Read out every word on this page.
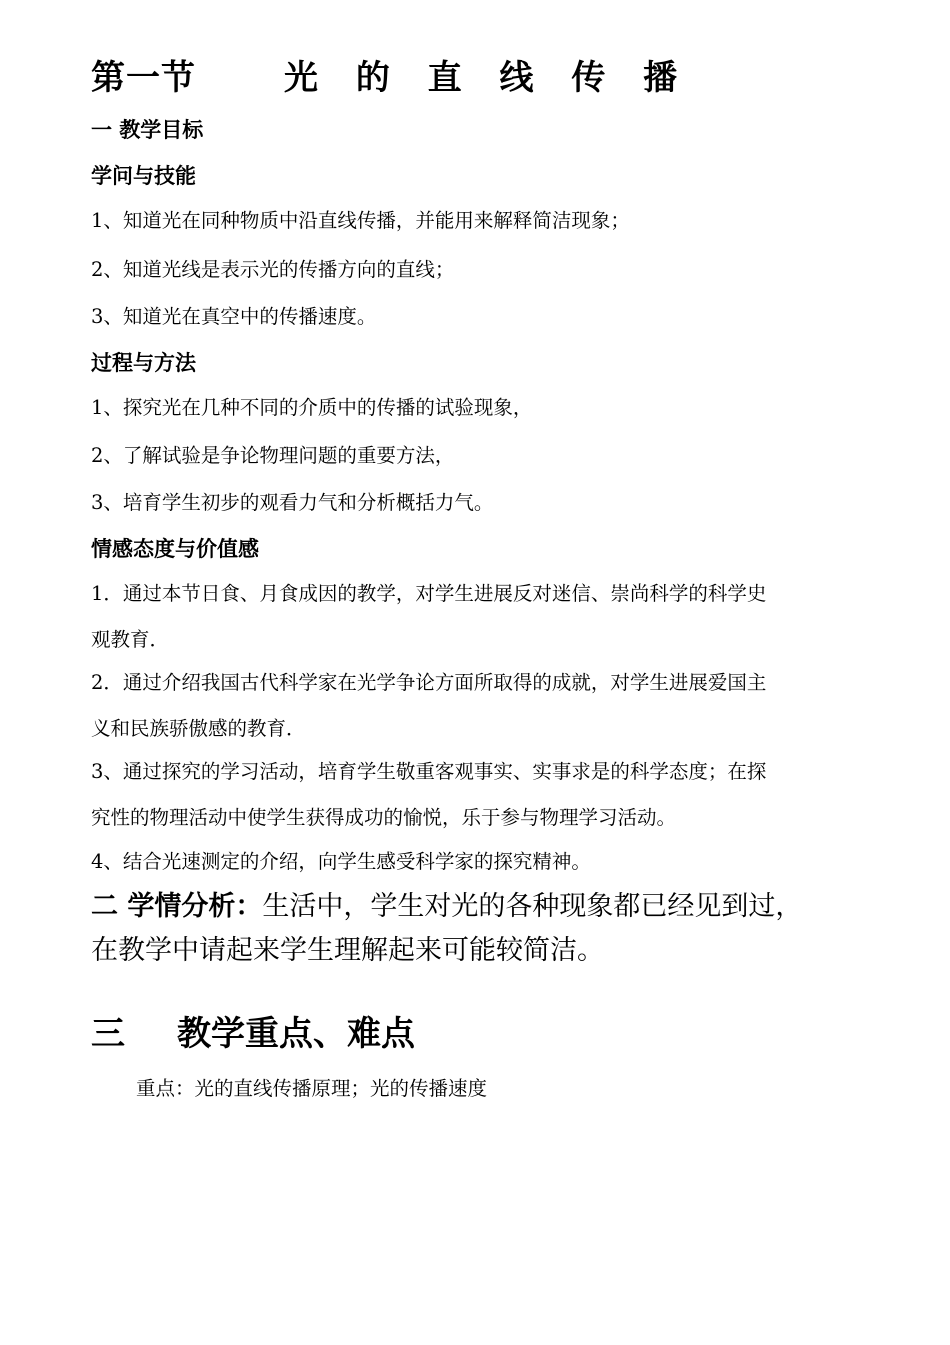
第一节	光 的 直 线 传 播
一 教学目标
学问与技能
1、知道光在同种物质中沿直线传播，并能用来解释简洁现象；
2、知道光线是表示光的传播方向的直线；
3、知道光在真空中的传播速度。
过程与方法
1、探究光在几种不同的介质中的传播的试验现象，
2、了解试验是争论物理问题的重要方法，
3、培育学生初步的观看力气和分析概括力气。
情感态度与价值感
1．通过本节日食、月食成因的教学，对学生进展反对迷信、崇尚科学的科学史
观教育．
2．通过介绍我国古代科学家在光学争论方面所取得的成就，对学生进展爱国主
义和民族骄傲感的教育．
3、通过探究的学习活动，培育学生敬重客观事实、实事求是的科学态度；在探
究性的物理活动中使学生获得成功的愉悦，乐于参与物理学习活动。
4、结合光速测定的介绍，向学生感受科学家的探究精神。
二 学情分析：生活中，学生对光的各种现象都已经见到过，
在教学中请起来学生理解起来可能较简洁。
三 教学重点、难点
重点：光的直线传播原理；光的传播速度
